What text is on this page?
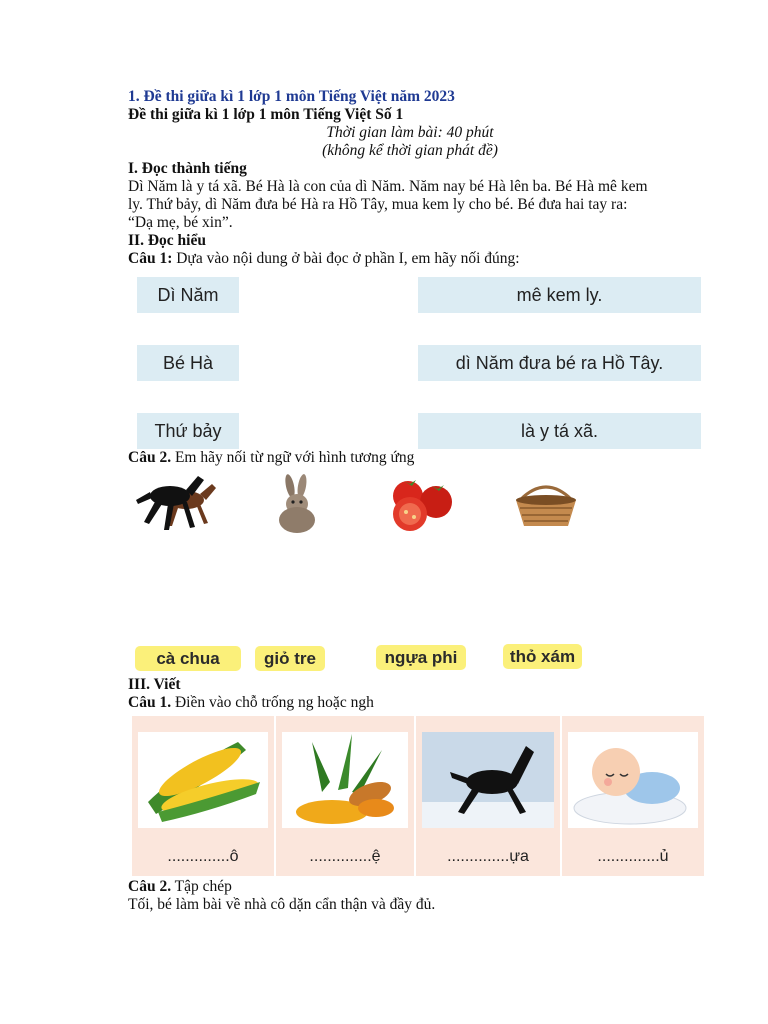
1. Đề thi giữa kì 1 lớp 1 môn Tiếng Việt năm 2023
Đề thi giữa kì 1 lớp 1 môn Tiếng Việt Số 1
Thời gian làm bài: 40 phút
(không kể thời gian phát đề)
I. Đọc thành tiếng
Dì Năm là y tá xã. Bé Hà là con của dì Năm. Năm nay bé Hà lên ba. Bé Hà mê kem
ly. Thứ bảy, dì Năm đưa bé Hà ra Hồ Tây, mua kem ly cho bé. Bé đưa hai tay ra:
“Dạ mẹ, bé xin”.
II. Đọc hiểu
Câu 1: Dựa vào nội dung ở bài đọc ở phần I, em hãy nối đúng:
Dì Năm
Bé Hà
Thứ bảy
mê kem ly.
dì Năm đưa bé ra Hồ Tây.
là y tá xã.
Câu 2. Em hãy nối từ ngữ với hình tương ứng
cà chua	giỏ tre	ngựa phi	thỏ xám
III. Viết
Câu 1. Điền vào chỗ trống ng hoặc ngh
..............ô	..............ệ	..............ựa	..............ủ
Câu 2. Tập chép
Tối, bé làm bài về nhà cô dặn cẩn thận và đầy đủ.
